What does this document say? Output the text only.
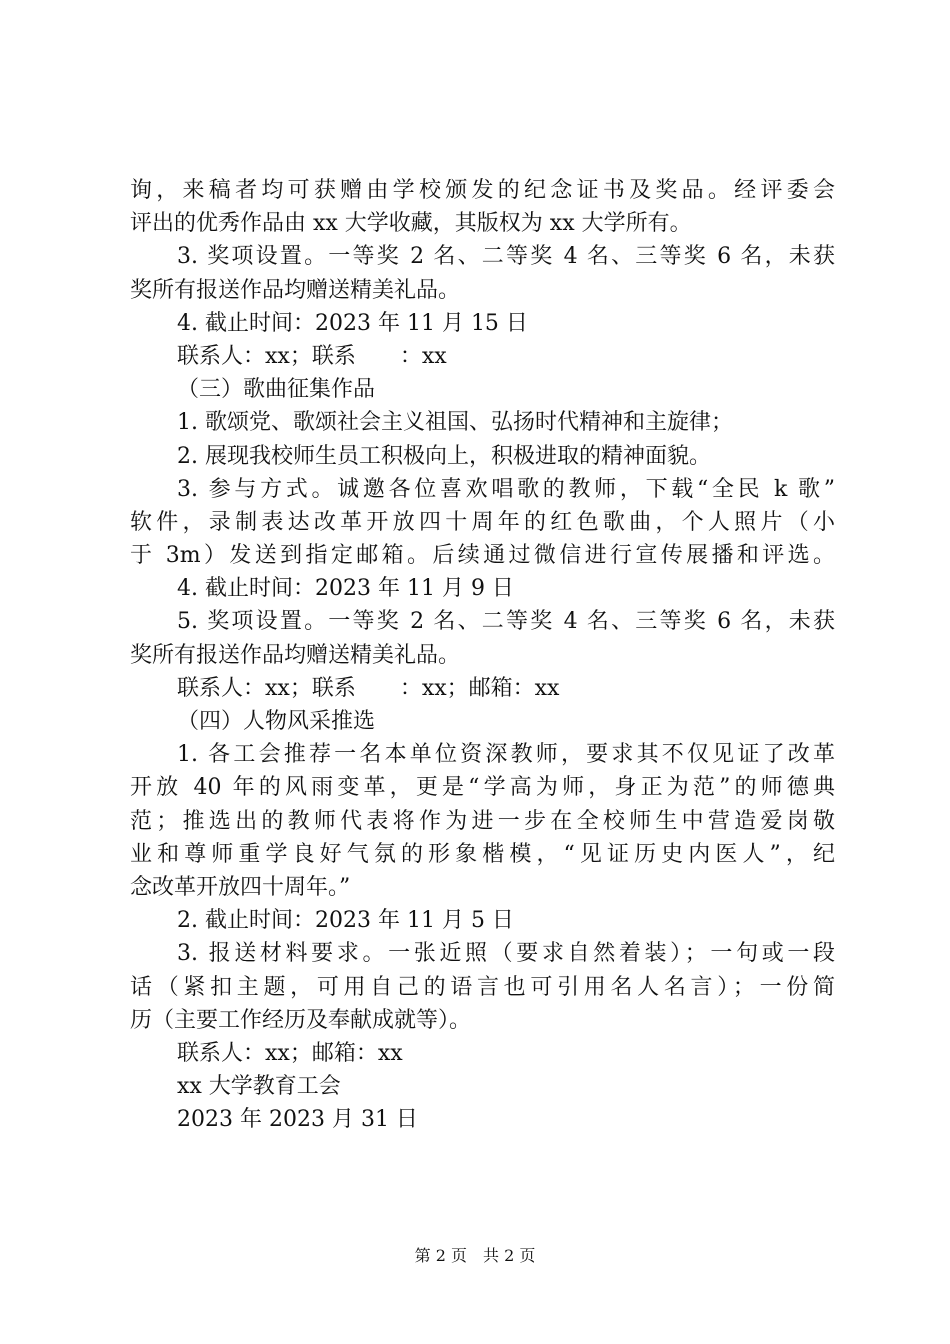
询，来稿者均可获赠由学校颁发的纪念证书及奖品。经评委会
评出的优秀作品由 xx 大学收藏，其版权为 xx 大学所有。
3. 奖项设置。一等奖 2 名、二等奖 4 名、三等奖 6 名，未获
奖所有报送作品均赠送精美礼品。
4. 截止时间：2023 年 11 月 15 日
联系人：xx；联系　　：xx
（三）歌曲征集作品
1. 歌颂党、歌颂社会主义祖国、弘扬时代精神和主旋律；
2. 展现我校师生员工积极向上，积极进取的精神面貌。
3. 参与方式。诚邀各位喜欢唱歌的教师，下载“全民 k 歌”
软件，录制表达改革开放四十周年的红色歌曲，个人照片（小
于 3m）发送到指定邮箱。后续通过微信进行宣传展播和评选。
4. 截止时间：2023 年 11 月 9 日
5. 奖项设置。一等奖 2 名、二等奖 4 名、三等奖 6 名，未获
奖所有报送作品均赠送精美礼品。
联系人：xx；联系　　：xx；邮箱：xx
（四）人物风采推选
1. 各工会推荐一名本单位资深教师，要求其不仅见证了改革
开放 40 年的风雨变革，更是“学高为师，身正为范”的师德典
范；推选出的教师代表将作为进一步在全校师生中营造爱岗敬
业和尊师重学良好气氛的形象楷模，“见证历史内医人”，纪
念改革开放四十周年。”
2. 截止时间：2023 年 11 月 5 日
3. 报送材料要求。一张近照（要求自然着装）；一句或一段
话（紧扣主题，可用自己的语言也可引用名人名言）；一份简
历（主要工作经历及奉献成就等）。
联系人：xx；邮箱：xx
xx 大学教育工会
2023 年 2023 月 31 日
第 2 页　共 2 页
